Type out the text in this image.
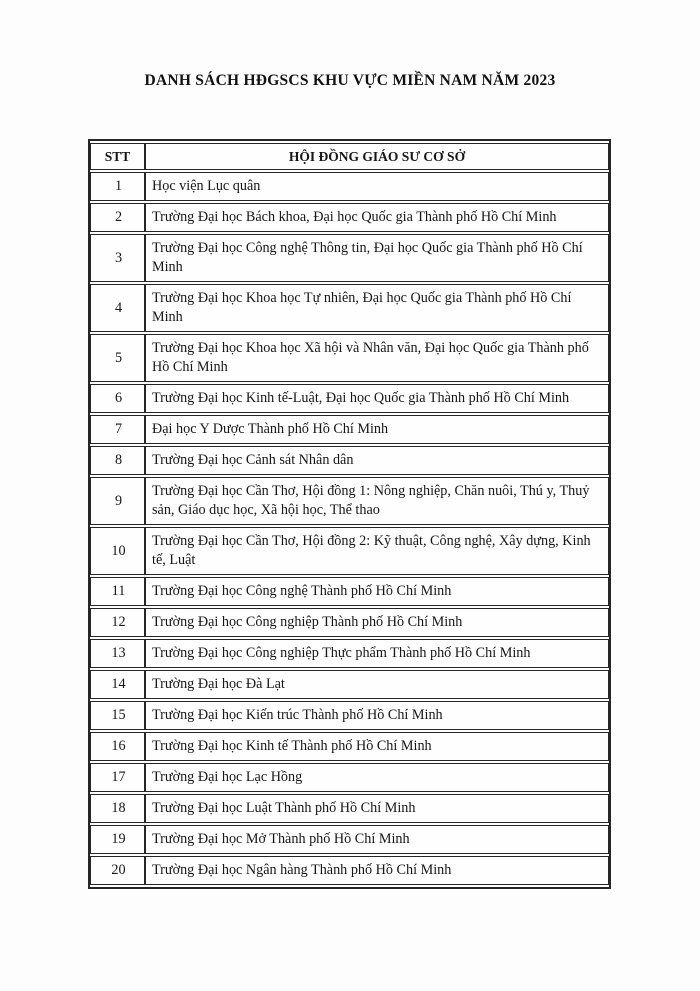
DANH SÁCH HĐGSCS KHU VỰC MIỀN NAM NĂM 2023
STT	HỘI ĐỒNG GIÁO SƯ CƠ SỞ
1	Học viện Lục quân
2	Trường Đại học Bách khoa, Đại học Quốc gia Thành phố Hồ Chí Minh
3	Trường Đại học Công nghệ Thông tin, Đại học Quốc gia Thành phố Hồ Chí Minh
4	Trường Đại học Khoa học Tự nhiên, Đại học Quốc gia Thành phố Hồ Chí Minh
5	Trường Đại học Khoa học Xã hội và Nhân văn, Đại học Quốc gia Thành phố Hồ Chí Minh
6	Trường Đại học Kinh tế-Luật, Đại học Quốc gia Thành phố Hồ Chí Minh
7	Đại học Y Dược Thành phố Hồ Chí Minh
8	Trường Đại học Cảnh sát Nhân dân
9	Trường Đại học Cần Thơ, Hội đồng 1: Nông nghiệp, Chăn nuôi, Thú y, Thuỷ sản, Giáo dục học, Xã hội học, Thể thao
10	Trường Đại học Cần Thơ, Hội đồng 2: Kỹ thuật, Công nghệ, Xây dựng, Kinh tế, Luật
11	Trường Đại học Công nghệ Thành phố Hồ Chí Minh
12	Trường Đại học Công nghiệp Thành phố Hồ Chí Minh
13	Trường Đại học Công nghiệp Thực phẩm Thành phố Hồ Chí Minh
14	Trường Đại học Đà Lạt
15	Trường Đại học Kiến trúc Thành phố Hồ Chí Minh
16	Trường Đại học Kinh tế Thành phố Hồ Chí Minh
17	Trường Đại học Lạc Hồng
18	Trường Đại học Luật Thành phố Hồ Chí Minh
19	Trường Đại học Mở Thành phố Hồ Chí Minh
20	Trường Đại học Ngân hàng Thành phố Hồ Chí Minh
